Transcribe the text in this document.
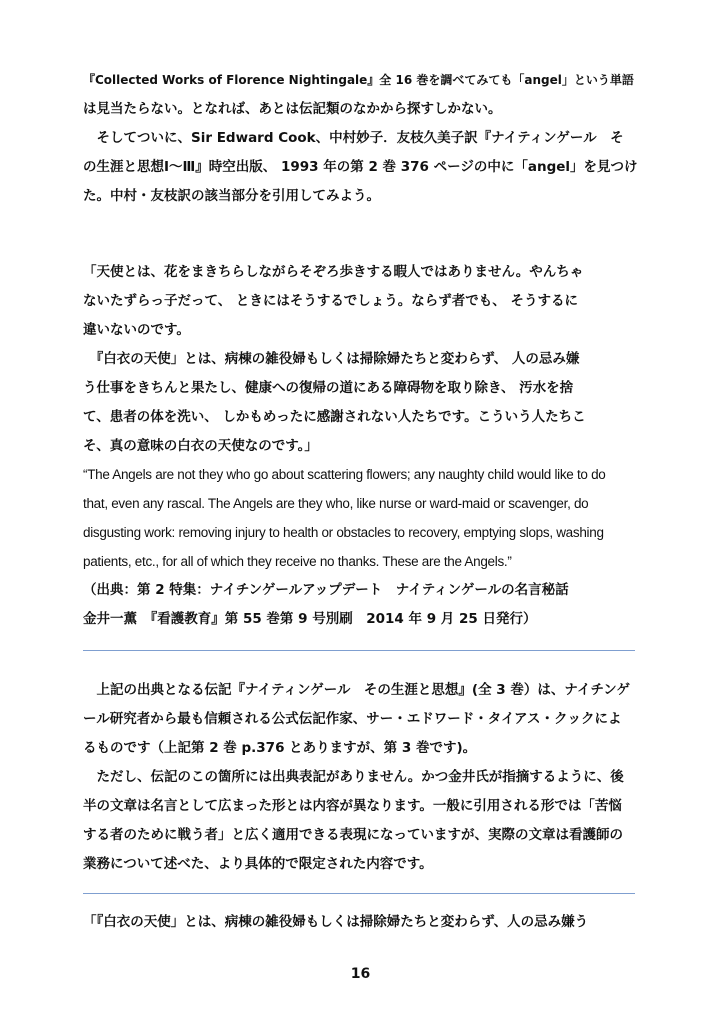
『Collected Works of Florence Nightingale』全 16 巻を調べてみても「angel」という単語
は見当たらない。となれば、あとは伝記類のなかから探すしかない。
　そしてついに、Sir Edward Cook、中村妙子．友枝久美子訳『ナイティンゲール　そ
の生涯と思想Ⅰ～Ⅲ』時空出版、 1993 年の第 2 巻 376 ページの中に「angel」を見つけ
た。中村・友枝訳の該当部分を引用してみよう。
「天使とは、花をまきちらしながらそぞろ歩きする暇人ではありません。やんちゃ
ないたずらっ子だって、 ときにはそうするでしょう。ならず者でも、 そうするに
違いないのです。
　『白衣の天使」とは、病棟の雑役婦もしくは掃除婦たちと変わらず、 人の忌み嫌
う仕事をきちんと果たし、健康への復帰の道にある障碍物を取り除き、 汚水を捨
て、患者の体を洗い、 しかもめったに感謝されない人たちです。こういう人たちこ
そ、真の意味の白衣の天使なのです。」
“The Angels are not they who go about scattering flowers; any naughty child would like to do
that, even any rascal. The Angels are they who, like nurse or ward-maid or scavenger, do
disgusting work: removing injury to health or obstacles to recovery, emptying slops, washing
patients, etc., for all of which they receive no thanks. These are the Angels.”
（出典：第 2 特集：ナイチンゲールアップデート　ナイティンゲールの名言秘話
金井一薫　『看護教育』第 55 巻第 9 号別刷　2014 年 9 月 25 日発行）
　上記の出典となる伝記『ナイティンゲール　その生涯と思想』(全 3 巻）は、ナイチンゲ
ール研究者から最も信頼される公式伝記作家、サー・エドワード・タイアス・クックによ
るものです（上記第 2 巻 p.376 とありますが、第 3 巻です)。
　ただし、伝記のこの箇所には出典表記がありません。かつ金井氏が指摘するように、後
半の文章は名言として広まった形とは内容が異なります。一般に引用される形では「苦悩
する者のために戦う者」と広く適用できる表現になっていますが、実際の文章は看護師の
業務について述べた、より具体的で限定された内容です。
「『白衣の天使」とは、病棟の雑役婦もしくは掃除婦たちと変わらず、人の忌み嫌う
16
